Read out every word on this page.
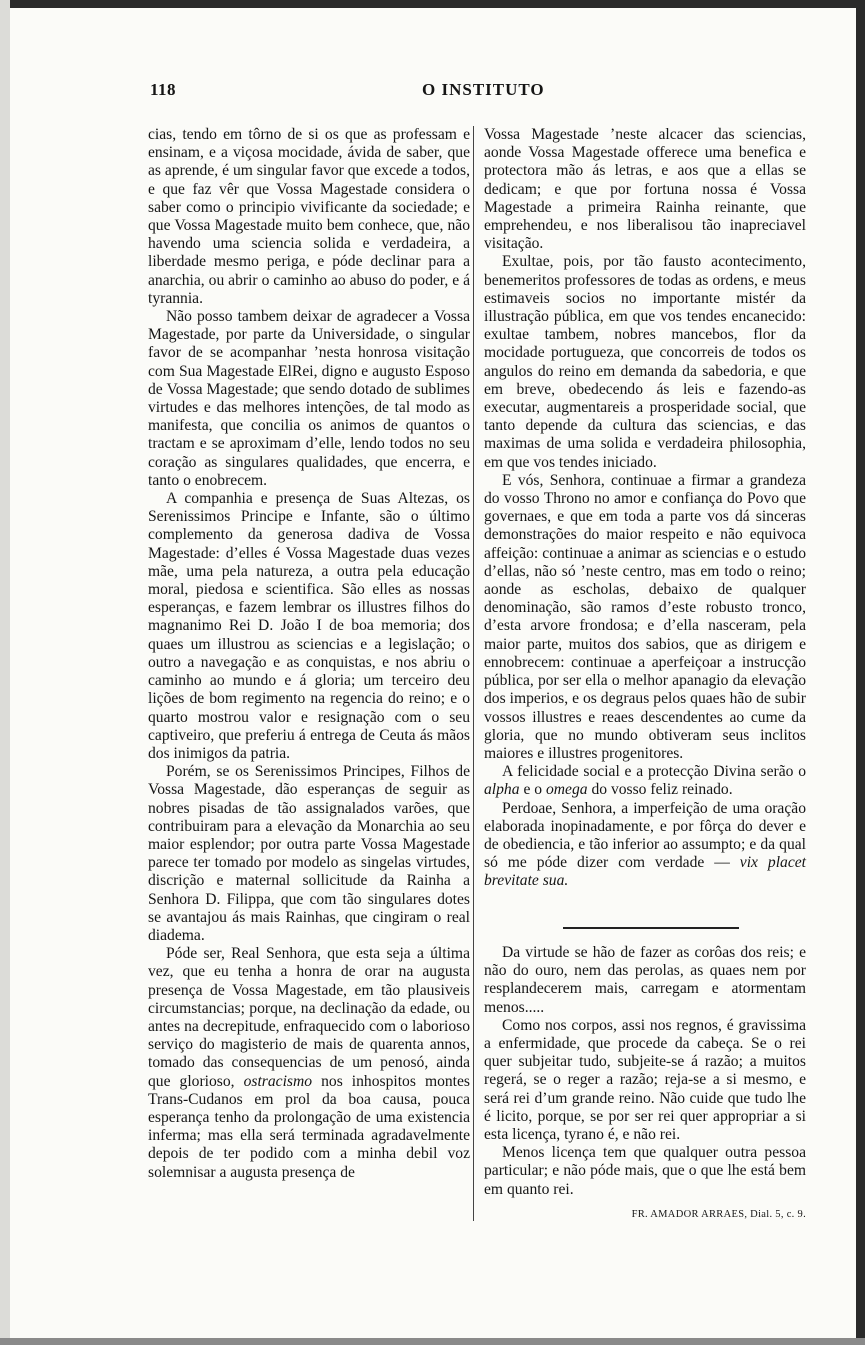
118	O INSTITUTO

cias, tendo em tôrno de si os que as professam e ensinam, e a viçosa mocidade, ávida de saber, que as aprende, é um singular favor que excede a todos, e que faz vêr que Vossa Magestade considera o saber como o principio vivificante da sociedade; e que Vossa Magestade muito bem conhece, que, não havendo uma sciencia solida e verdadeira, a liberdade mesmo periga, e póde declinar para a anarchia, ou abrir o caminho ao abuso do poder, e á tyrannia.

Não posso tambem deixar de agradecer a Vossa Magestade, por parte da Universidade, o singular favor de se acompanhar ’nesta honrosa visitação com Sua Magestade ElRei, digno e augusto Esposo de Vossa Magestade; que sendo dotado de sublimes virtudes e das melhores intenções, de tal modo as manifesta, que concilia os animos de quantos o tractam e se aproximam d’elle, lendo todos no seu coração as singulares qualidades, que encerra, e tanto o enobrecem.

A companhia e presença de Suas Altezas, os Serenissimos Principe e Infante, são o último complemento da generosa dadiva de Vossa Magestade: d’elles é Vossa Magestade duas vezes mãe, uma pela natureza, a outra pela educação moral, piedosa e scientifica. São elles as nossas esperanças, e fazem lembrar os illustres filhos do magnanimo Rei D. João I de boa memoria; dos quaes um illustrou as sciencias e a legislação; o outro a navegação e as conquistas, e nos abriu o caminho ao mundo e á gloria; um terceiro deu lições de bom regimento na regencia do reino; e o quarto mostrou valor e resignação com o seu captiveiro, que preferiu á entrega de Ceuta ás mãos dos inimigos da patria.

Porém, se os Serenissimos Principes, Filhos de Vossa Magestade, dão esperanças de seguir as nobres pisadas de tão assignalados varões, que contribuiram para a elevação da Monarchia ao seu maior esplendor; por outra parte Vossa Magestade parece ter tomado por modelo as singelas virtudes, discrição e maternal sollicitude da Rainha a Senhora D. Filippa, que com tão singulares dotes se avantajou ás mais Rainhas, que cingiram o real diadema.

Póde ser, Real Senhora, que esta seja a última vez, que eu tenha a honra de orar na augusta presença de Vossa Magestade, em tão plausiveis circumstancias; porque, na declinação da edade, ou antes na decrepitude, enfraquecido com o laborioso serviço do magisterio de mais de quarenta annos, tomado das consequencias de um penosó, ainda que glorioso, ostracismo nos inhospitos montes Trans-Cudanos em prol da boa causa, pouca esperança tenho da prolongação de uma existencia infermа; mas ella será terminada agradavelmente depois de ter podido com a minha debil voz solemnisar a augusta presença de

Vossa Magestade ’neste alcacer das sciencias, aonde Vossa Magestade offerece uma benefica e protectora mão ás letras, e aos que a ellas se dedicam; e que por fortuna nossa é Vossa Magestade a primeira Rainha reinante, que emprehendeu, e nos liberalisou tão inapreciavel visitação.

Exultae, pois, por tão fausto acontecimento, benemeritos professores de todas as ordens, e meus estimaveis socios no importante mistér da illustração pública, em que vos tendes encanecido: exultae tambem, nobres mancebos, flor da mocidade portugueza, que concorreis de todos os angulos do reino em demanda da sabedoria, e que em breve, obedecendo ás leis e fazendo-as executar, augmentareis a prosperidade social, que tanto depende da cultura das sciencias, e das maximas de uma solida e verdadeira philosophia, em que vos tendes iniciado.

E vós, Senhora, continuae a firmar a grandeza do vosso Throno no amor e confiança do Povo que governaes, e que em toda a parte vos dá sinceras demonstrações do maior respeito e não equivoca affeição: continuae a animar as sciencias e o estudo d’ellas, não só ’neste centro, mas em todo o reino; aonde as escholas, debaixo de qualquer denominação, são ramos d’este robusto tronco, d’esta arvore frondosa; e d’ella nasceram, pela maior parte, muitos dos sabios, que as dirigem e ennobrecem: continuae a aperfeiçoar a instrucção pública, por ser ella o melhor apanagio da elevação dos imperios, e os degraus pelos quaes hão de subir vossos illustres e reaes descendentes ao cume da gloria, que no mundo obtiveram seus inclitos maiores e illustres progenitores.

A felicidade social e a protecção Divina serão o alpha e o omega do vosso feliz reinado.

Perdoae, Senhora, a imperfeição de uma oração elaborada inopinadamente, e por fôrça do dever e de obediencia, e tão inferior ao assumpto; e da qual só me póde dizer com verdade — vix placet brevitate sua.

Da virtude se hão de fazer as corôas dos reis; e não do ouro, nem das perolas, as quaes nem por resplandecerem mais, carregam e atormentam menos.....

Como nos corpos, assi nos regnos, é gravissima a enfermidade, que procede da cabeça. Se o rei quer subjeitar tudo, subjeite-se á razão; a muitos regerá, se o reger a razão; reja-se a si mesmo, e será rei d’um grande reino. Não cuide que tudo lhe é licito, porque, se por ser rei quer appropriar a si esta licença, tyrano é, e não rei.

Menos licença tem que qualquer outra pessoa particular; e não póde mais, que o que lhe está bem em quanto rei.

FR. AMADOR ARRAES, Dial. 5, c. 9.
